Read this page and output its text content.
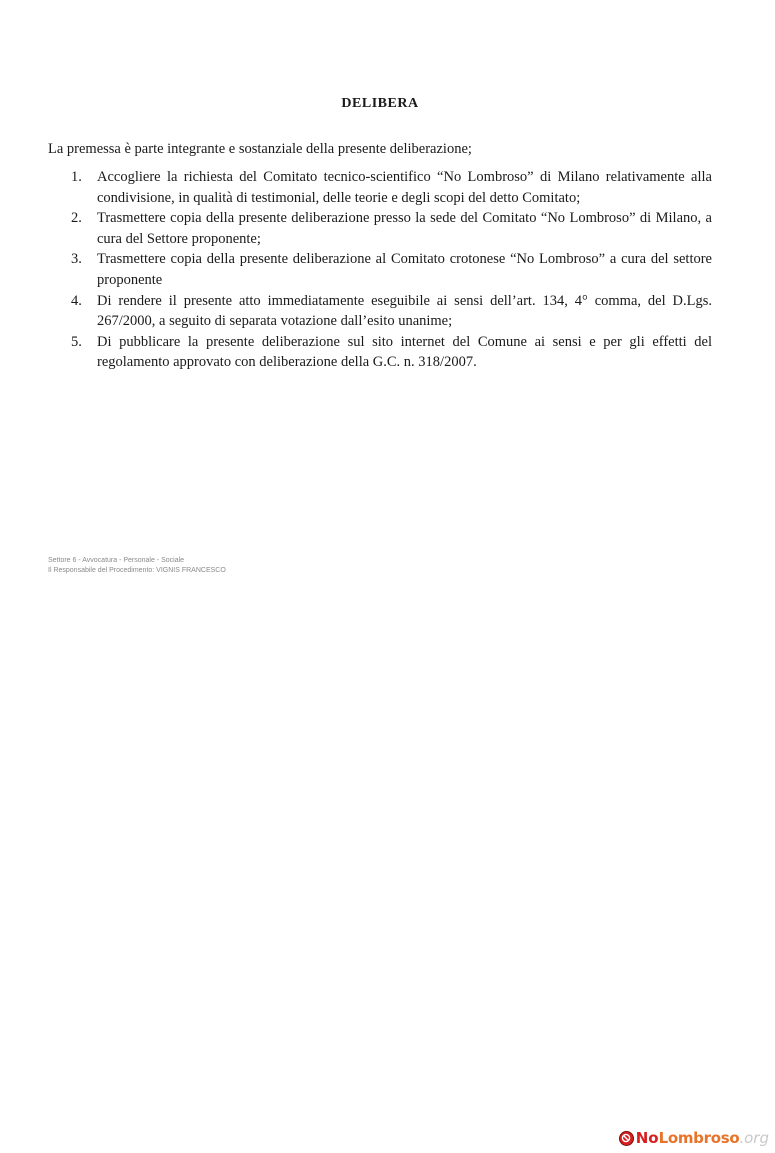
DELIBERA
La premessa è parte integrante e sostanziale della presente deliberazione;
1. Accogliere la richiesta del Comitato tecnico-scientifico “No Lombroso” di Milano relativamente alla condivisione, in qualità di testimonial, delle teorie e degli scopi del detto Comitato;
2. Trasmettere copia della presente deliberazione presso la sede del Comitato “No Lombroso” di Milano, a cura del Settore proponente;
3. Trasmettere copia della presente deliberazione al Comitato crotonese “No Lombroso” a cura del settore proponente
4. Di rendere il presente atto immediatamente eseguibile ai sensi dell’art. 134, 4° comma, del D.Lgs. 267/2000, a seguito di separata votazione dall’esito unanime;
5. Di pubblicare la presente deliberazione sul sito internet del Comune ai sensi e per gli effetti del regolamento approvato con deliberazione della G.C. n. 318/2007.
Settore 6 - Avvocatura - Personale - Sociale
Il Responsabile del Procedimento: VIGNIS FRANCESCO
No Lombroso .org
